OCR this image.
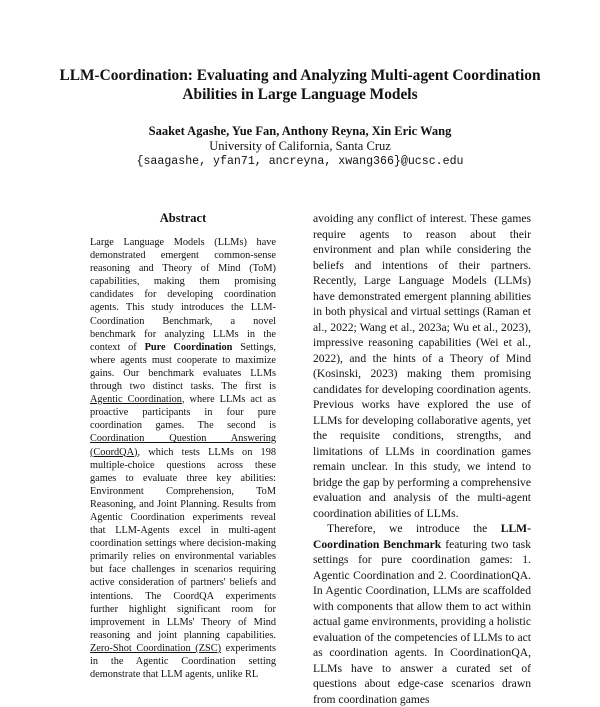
LLM-Coordination: Evaluating and Analyzing Multi-agent Coordination
Abilities in Large Language Models
Saaket Agashe, Yue Fan, Anthony Reyna, Xin Eric Wang
University of California, Santa Cruz
{saagashe, yfan71, ancreyna, xwang366}@ucsc.edu
Abstract
Large Language Models (LLMs) have demonstrated emergent common-sense reasoning and Theory of Mind (ToM) capabilities, making them promising candidates for developing coordination agents. This study introduces the LLM-Coordination Benchmark, a novel benchmark for analyzing LLMs in the context of Pure Coordination Settings, where agents must cooperate to maximize gains. Our benchmark evaluates LLMs through two distinct tasks. The first is Agentic Coordination, where LLMs act as proactive participants in four pure coordination games. The second is Coordination Question Answering (CoordQA), which tests LLMs on 198 multiple-choice questions across these games to evaluate three key abilities: Environment Comprehension, ToM Reasoning, and Joint Planning. Results from Agentic Coordination experiments reveal that LLM-Agents excel in multi-agent coordination settings where decision-making primarily relies on environmental variables but face challenges in scenarios requiring active consideration of partners' beliefs and intentions. The CoordQA experiments further highlight significant room for improvement in LLMs' Theory of Mind reasoning and joint planning capabilities. Zero-Shot Coordination (ZSC) experiments in the Agentic Coordination setting demonstrate that LLM agents, unlike RL

avoiding any conflict of interest. These games require agents to reason about their environment and plan while considering the beliefs and intentions of their partners. Recently, Large Language Models (LLMs) have demonstrated emergent planning abilities in both physical and virtual settings (Raman et al., 2022; Wang et al., 2023a; Wu et al., 2023), impressive reasoning capabilities (Wei et al., 2022), and the hints of a Theory of Mind (Kosinski, 2023) making them promising candidates for developing coordination agents. Previous works have explored the use of LLMs for developing collaborative agents, yet the requisite conditions, strengths, and limitations of LLMs in coordination games remain unclear. In this study, we intend to bridge the gap by performing a comprehensive evaluation and analysis of the multi-agent coordination abilities of LLMs.

Therefore, we introduce the LLM-Coordination Benchmark featuring two task settings for pure coordination games: 1. Agentic Coordination and 2. CoordinationQA. In Agentic Coordination, LLMs are scaffolded with components that allow them to act within actual game environments, providing a holistic evaluation of the competencies of LLMs to act as coordination agents. In CoordinationQA, LLMs have to answer a curated set of questions about edge-case scenarios drawn from coordination games
